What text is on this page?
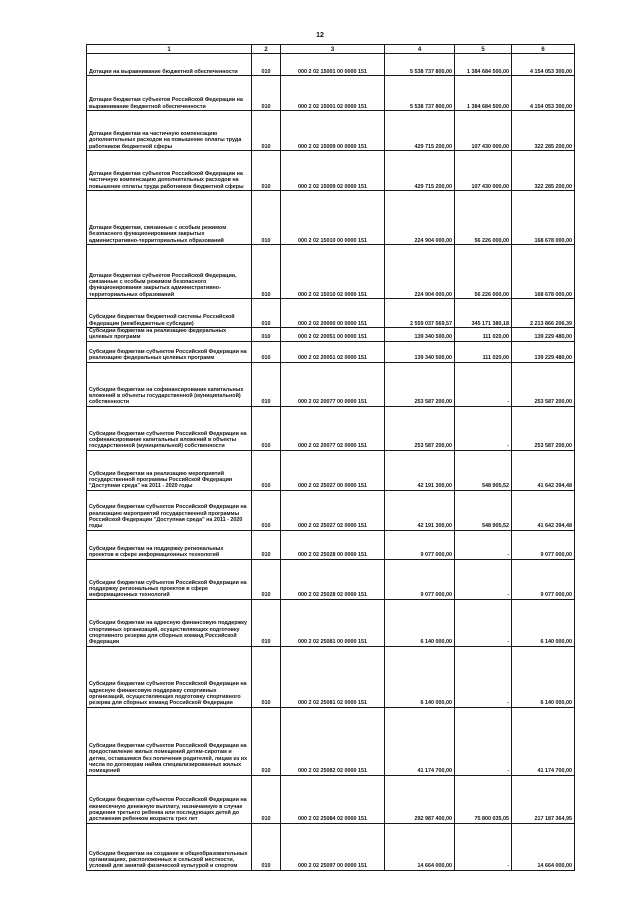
12
1	2	3	4	5	6
Дотации на выравнивание бюджетной обеспеченности	010	000 2 02 15001 00 0000 151	5 538 737 800,00	1 384 684 500,00	4 154 053 300,00
Дотации бюджетам субъектов Российской Федерации на выравнивание бюджетной обеспеченности	010	000 2 02 15001 02 0000 151	5 538 737 800,00	1 384 684 500,00	4 154 053 300,00
Дотации бюджетам на частичную компенсацию дополнительных расходов на повышение оплаты труда работников бюджетной сферы	010	000 2 02 15009 00 0000 151	429 715 200,00	107 430 000,00	322 285 200,00
Дотации бюджетам субъектов Российской Федерации на частичную компенсацию дополнительных расходов на повышение оплаты труда работников бюджетной сферы	010	000 2 02 15009 02 0000 151	429 715 200,00	107 430 000,00	322 285 200,00
Дотации бюджетам, связанные с особым режимом безопасного функционирования закрытых административно-территориальных образований	010	000 2 02 15010 00 0000 151	224 904 000,00	56 226 000,00	168 678 000,00
Дотации бюджетам субъектов Российской Федерации, связанные с особым режимом безопасного функционирования закрытых административно-территориальных образований	010	000 2 02 15010 02 0000 151	224 904 000,00	56 226 000,00	168 678 000,00
Субсидии бюджетам бюджетной системы Российской Федерации (межбюджетные субсидии)	010	000 2 02 20000 00 0000 151	2 559 037 569,57	345 171 380,18	2 213 866 206,39
Субсидии бюджетам на реализацию федеральных целевых программ	010	000 2 02 20051 00 0000 151	139 340 500,00	111 020,00	139 229 480,00
Субсидии бюджетам субъектов Российской Федерации на реализацию федеральных целевых программ	010	000 2 02 20051 02 0000 151	139 340 500,00	111 020,00	139 229 480,00
Субсидии бюджетам на софинансирование капитальных вложений в объекты государственной (муниципальной) собственности	010	000 2 02 20077 00 0000 151	253 587 200,00	-	253 587 200,00
Субсидии бюджетам субъектов Российской Федерации на софинансирование капитальных вложений в объекты государственной (муниципальной) собственности	010	000 2 02 20077 02 0000 151	253 587 200,00	-	253 587 200,00
Субсидии бюджетам на реализацию мероприятий государственной программы Российской Федерации "Доступная среда" на 2011 - 2020 годы	010	000 2 02 25027 00 0000 151	42 191 300,00	548 905,52	41 642 394,48
Субсидии бюджетам субъектов Российской Федерации на реализацию мероприятий государственной программы Российской Федерации "Доступная среда" на 2011 - 2020 годы	010	000 2 02 25027 02 0000 151	42 191 300,00	548 905,52	41 642 394,48
Субсидии бюджетам на поддержку региональных проектов в сфере информационных технологий	010	000 2 02 25028 00 0000 151	9 077 000,00	-	9 077 000,00
Субсидии бюджетам субъектов Российской Федерации на поддержку региональных проектов в сфере информационных технологий	010	000 2 02 25028 02 0000 151	9 077 000,00	-	9 077 000,00
Субсидии бюджетам на адресную финансовую поддержку спортивных организаций, осуществляющих подготовку спортивного резерва для сборных команд Российской Федерации	010	000 2 02 25081 00 0000 151	6 140 000,00	-	6 140 000,00
Субсидии бюджетам субъектов Российской Федерации на адресную финансовую поддержку спортивных организаций, осуществляющих подготовку спортивного резерва для сборных команд Российской Федерации	010	000 2 02 25081 02 0000 151	6 140 000,00	-	6 140 000,00
Субсидии бюджетам субъектов Российской Федерации на предоставление жилых помещений детям-сиротам и детям, оставшимся без попечения родителей, лицам из их числа по договорам найма специализированных жилых помещений	010	000 2 02 25082 02 0000 151	41 174 700,00	-	41 174 700,00
Субсидии бюджетам субъектов Российской Федерации на ежемесячную денежную выплату, назначаемую в случае рождения третьего ребенка или последующих детей до достижения ребенком возраста трех лет	010	000 2 02 25084 02 0000 151	292 987 400,00	75 800 035,05	217 187 364,95
Субсидии бюджетам на создание в общеобразовательных организациях, расположенных в сельской местности, условий для занятий физической культурой и спортом	010	000 2 02 25097 00 0000 151	14 664 000,00	-	14 664 000,00
